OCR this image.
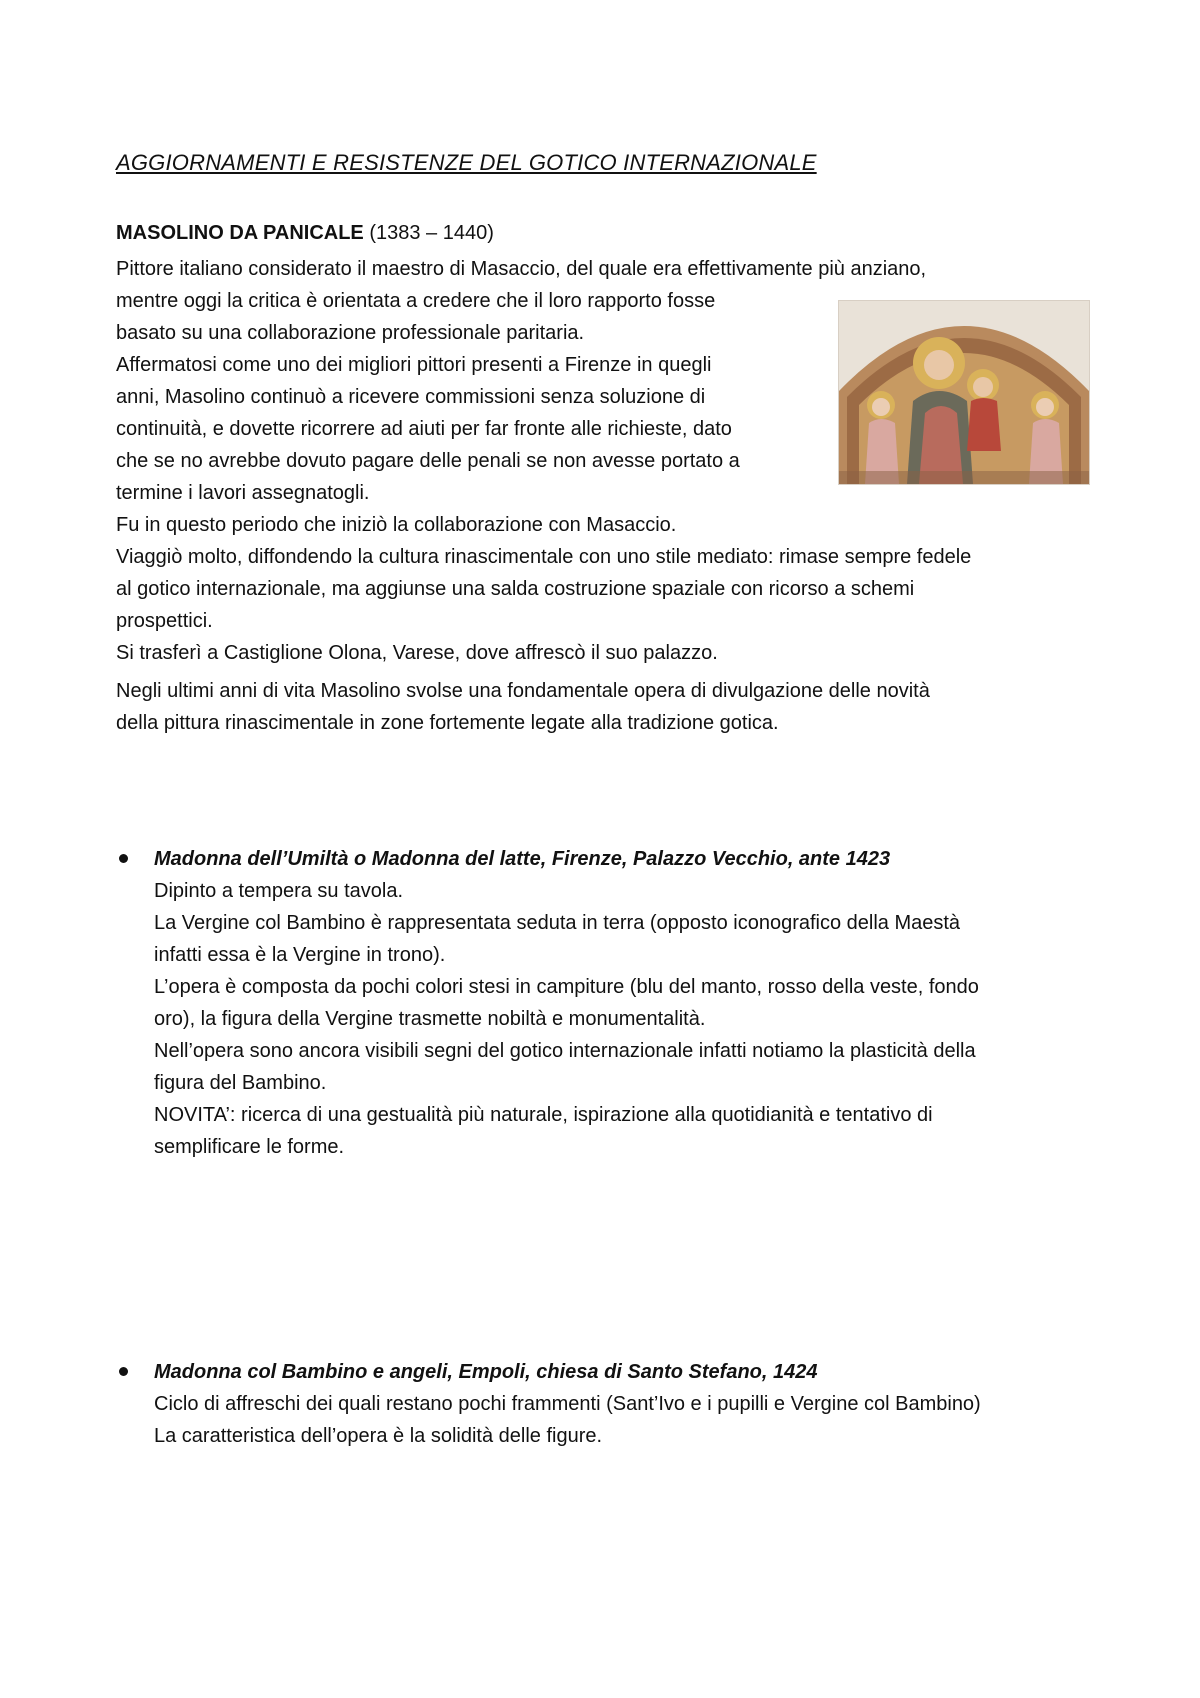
AGGIORNAMENTI E RESISTENZE DEL GOTICO INTERNAZIONALE
MASOLINO DA PANICALE (1383 – 1440)
Pittore italiano considerato il maestro di Masaccio, del quale era effettivamente più anziano,
mentre oggi la critica è orientata a credere che il loro rapporto fosse
basato su una collaborazione professionale paritaria.
Affermatosi come uno dei migliori pittori presenti a Firenze in quegli
anni, Masolino continuò a ricevere commissioni senza soluzione di
continuità, e dovette ricorrere ad aiuti per far fronte alle richieste, dato
che se no avrebbe dovuto pagare delle penali se non avesse portato a
termine i lavori assegnatogli.
Fu in questo periodo che iniziò la collaborazione con Masaccio.
Viaggiò molto, diffondendo la cultura rinascimentale con uno stile mediato: rimase sempre fedele
al gotico internazionale, ma aggiunse una salda costruzione spaziale con ricorso a schemi
prospettici.
Si trasferì a Castiglione Olona, Varese, dove affrescò il suo palazzo.
Negli ultimi anni di vita Masolino svolse una fondamentale opera di divulgazione delle novità
della pittura rinascimentale in zone fortemente legate alla tradizione gotica.
Madonna dell’Umiltà o Madonna del latte, Firenze, Palazzo Vecchio, ante 1423
Dipinto a tempera su tavola.
La Vergine col Bambino è rappresentata seduta in terra (opposto iconografico della Maestà
infatti essa è la Vergine in trono).
L’opera è composta da pochi colori stesi in campiture (blu del manto, rosso della veste, fondo
oro), la figura della Vergine trasmette nobiltà e monumentalità.
Nell’opera sono ancora visibili segni del gotico internazionale infatti notiamo la plasticità della
figura del Bambino.
NOVITA’: ricerca di una gestualità più naturale, ispirazione alla quotidianità e tentativo di
semplificare le forme.
Madonna col Bambino e angeli, Empoli, chiesa di Santo Stefano, 1424
Ciclo di affreschi dei quali restano pochi frammenti (Sant’Ivo e i pupilli e Vergine col Bambino)
La caratteristica dell’opera è la solidità delle figure.
